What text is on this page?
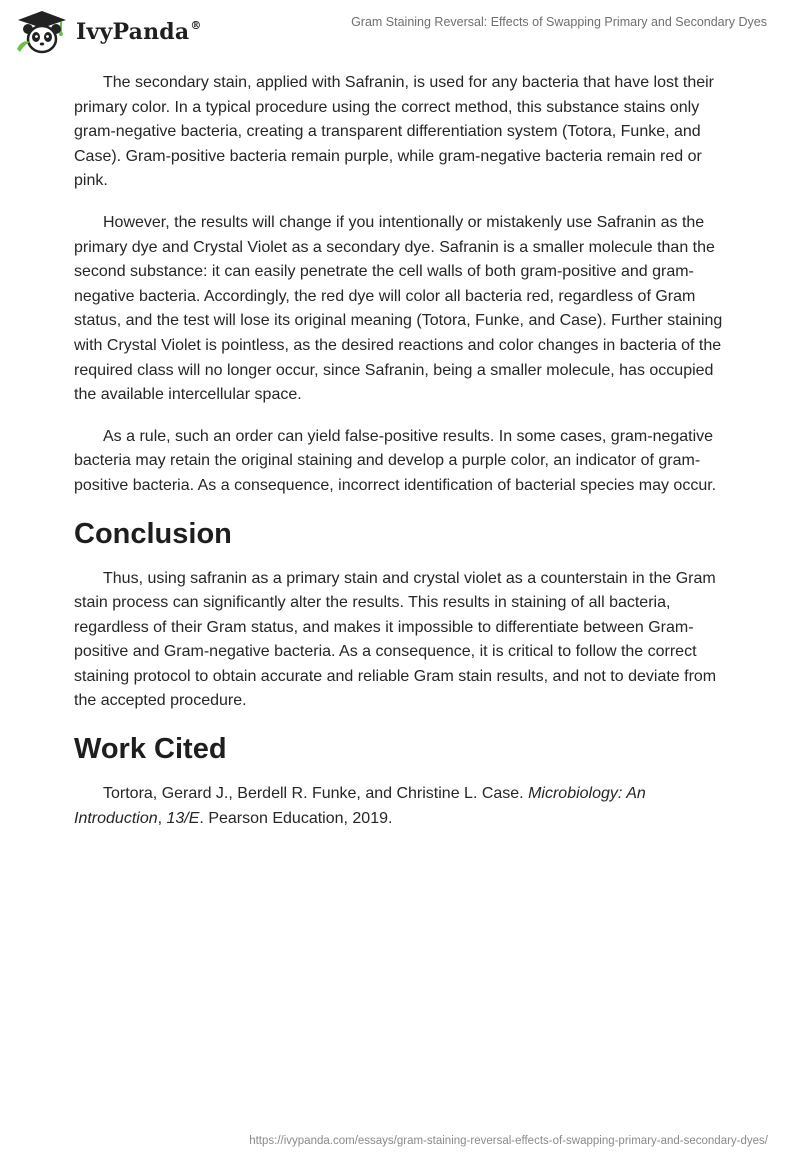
IvyPanda®	Gram Staining Reversal: Effects of Swapping Primary and Secondary Dyes

The secondary stain, applied with Safranin, is used for any bacteria that have lost their primary color. In a typical procedure using the correct method, this substance stains only gram-negative bacteria, creating a transparent differentiation system (Totora, Funke, and Case). Gram-positive bacteria remain purple, while gram-negative bacteria remain red or pink.

However, the results will change if you intentionally or mistakenly use Safranin as the primary dye and Crystal Violet as a secondary dye. Safranin is a smaller molecule than the second substance: it can easily penetrate the cell walls of both gram-positive and gram-negative bacteria. Accordingly, the red dye will color all bacteria red, regardless of Gram status, and the test will lose its original meaning (Totora, Funke, and Case). Further staining with Crystal Violet is pointless, as the desired reactions and color changes in bacteria of the required class will no longer occur, since Safranin, being a smaller molecule, has occupied the available intercellular space.

As a rule, such an order can yield false-positive results. In some cases, gram-negative bacteria may retain the original staining and develop a purple color, an indicator of gram-positive bacteria. As a consequence, incorrect identification of bacterial species may occur.

Conclusion

Thus, using safranin as a primary stain and crystal violet as a counterstain in the Gram stain process can significantly alter the results. This results in staining of all bacteria, regardless of their Gram status, and makes it impossible to differentiate between Gram-positive and Gram-negative bacteria. As a consequence, it is critical to follow the correct staining protocol to obtain accurate and reliable Gram stain results, and not to deviate from the accepted procedure.

Work Cited

Tortora, Gerard J., Berdell R. Funke, and Christine L. Case. Microbiology: An Introduction, 13/E. Pearson Education, 2019.

https://ivypanda.com/essays/gram-staining-reversal-effects-of-swapping-primary-and-secondary-dyes/
